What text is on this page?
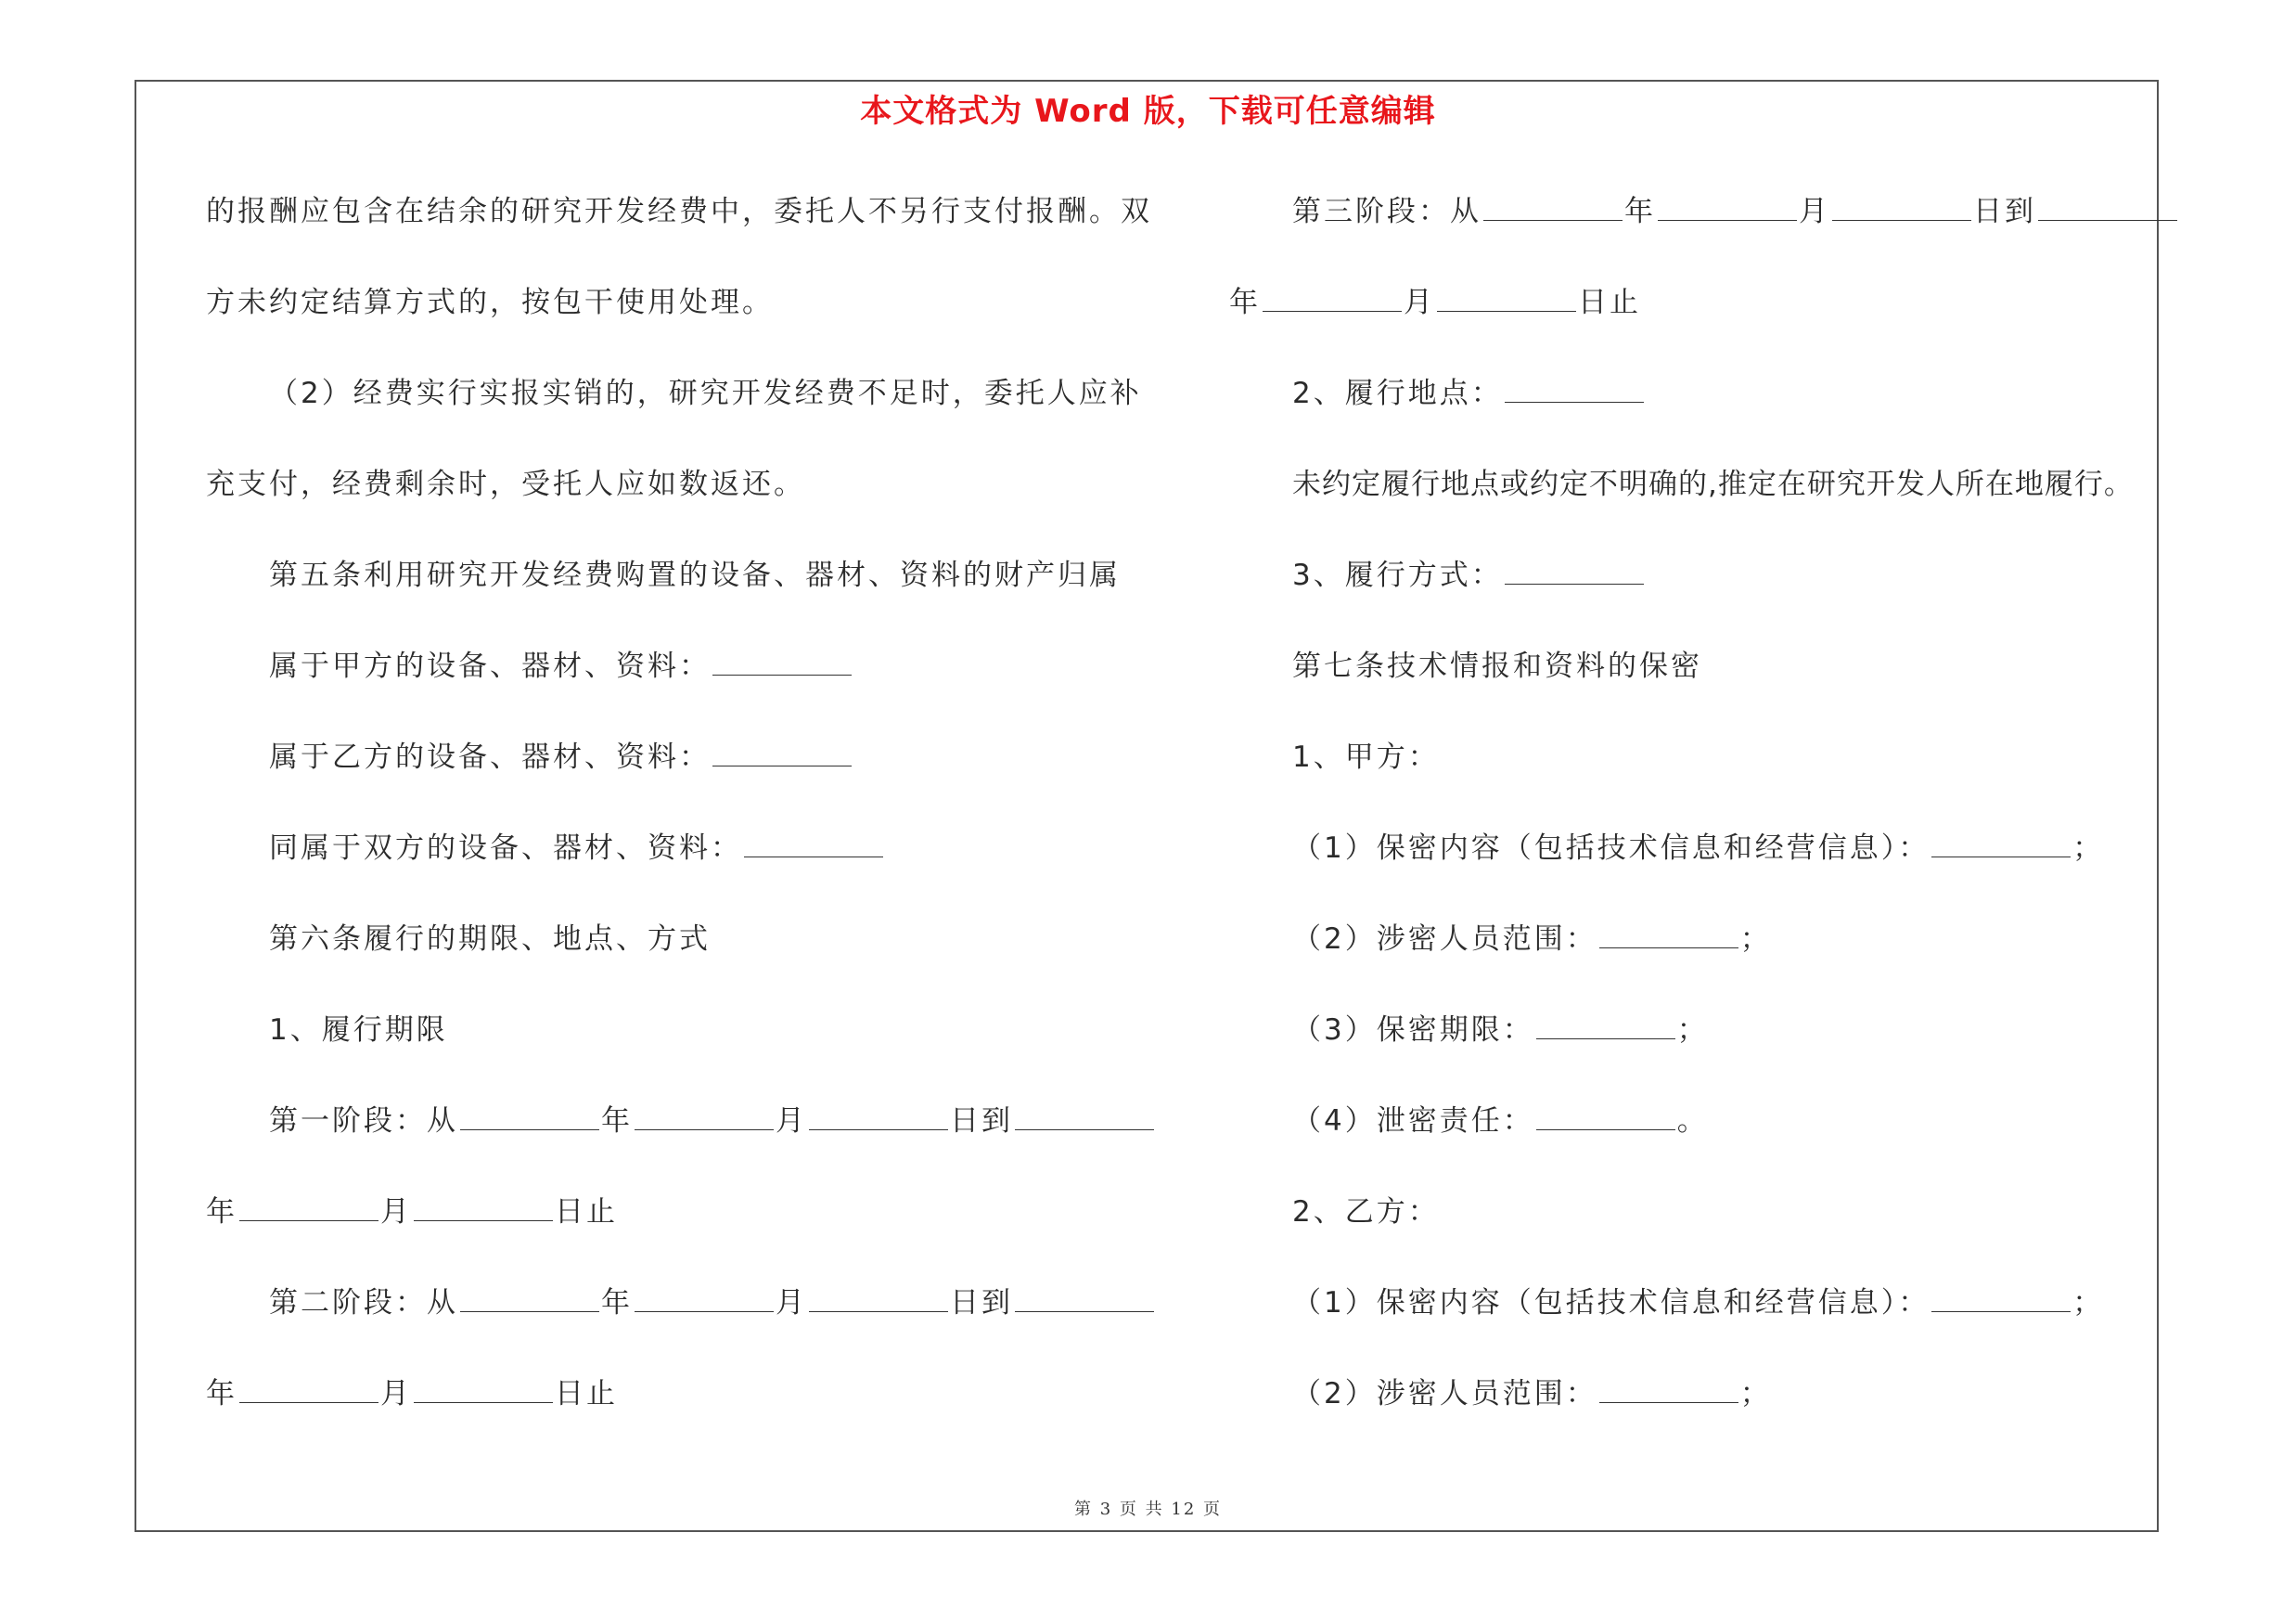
本文格式为 Word 版，下载可任意编辑
的报酬应包含在结余的研究开发经费中，委托人不另行支付报酬。双
方未约定结算方式的，按包干使用处理。
（2）经费实行实报实销的，研究开发经费不足时，委托人应补
充支付，经费剩余时，受托人应如数返还。
第五条利用研究开发经费购置的设备、器材、资料的财产归属
属于甲方的设备、器材、资料：
属于乙方的设备、器材、资料：
同属于双方的设备、器材、资料：
第六条履行的期限、地点、方式
1、履行期限
第一阶段：从	年	月	日到
年	月	日止
第二阶段：从	年	月	日到
年	月	日止
第三阶段：从	年	月	日到
年	月	日止
2、履行地点：
未约定履行地点或约定不明确的,推定在研究开发人所在地履行。
3、履行方式：
第七条技术情报和资料的保密
1、甲方：
（1）保密内容（包括技术信息和经营信息）：	；
（2）涉密人员范围：	；
（3）保密期限：	；
（4）泄密责任：	。
2、乙方：
（1）保密内容（包括技术信息和经营信息）：	；
（2）涉密人员范围：	；
第 3 页 共 12 页
